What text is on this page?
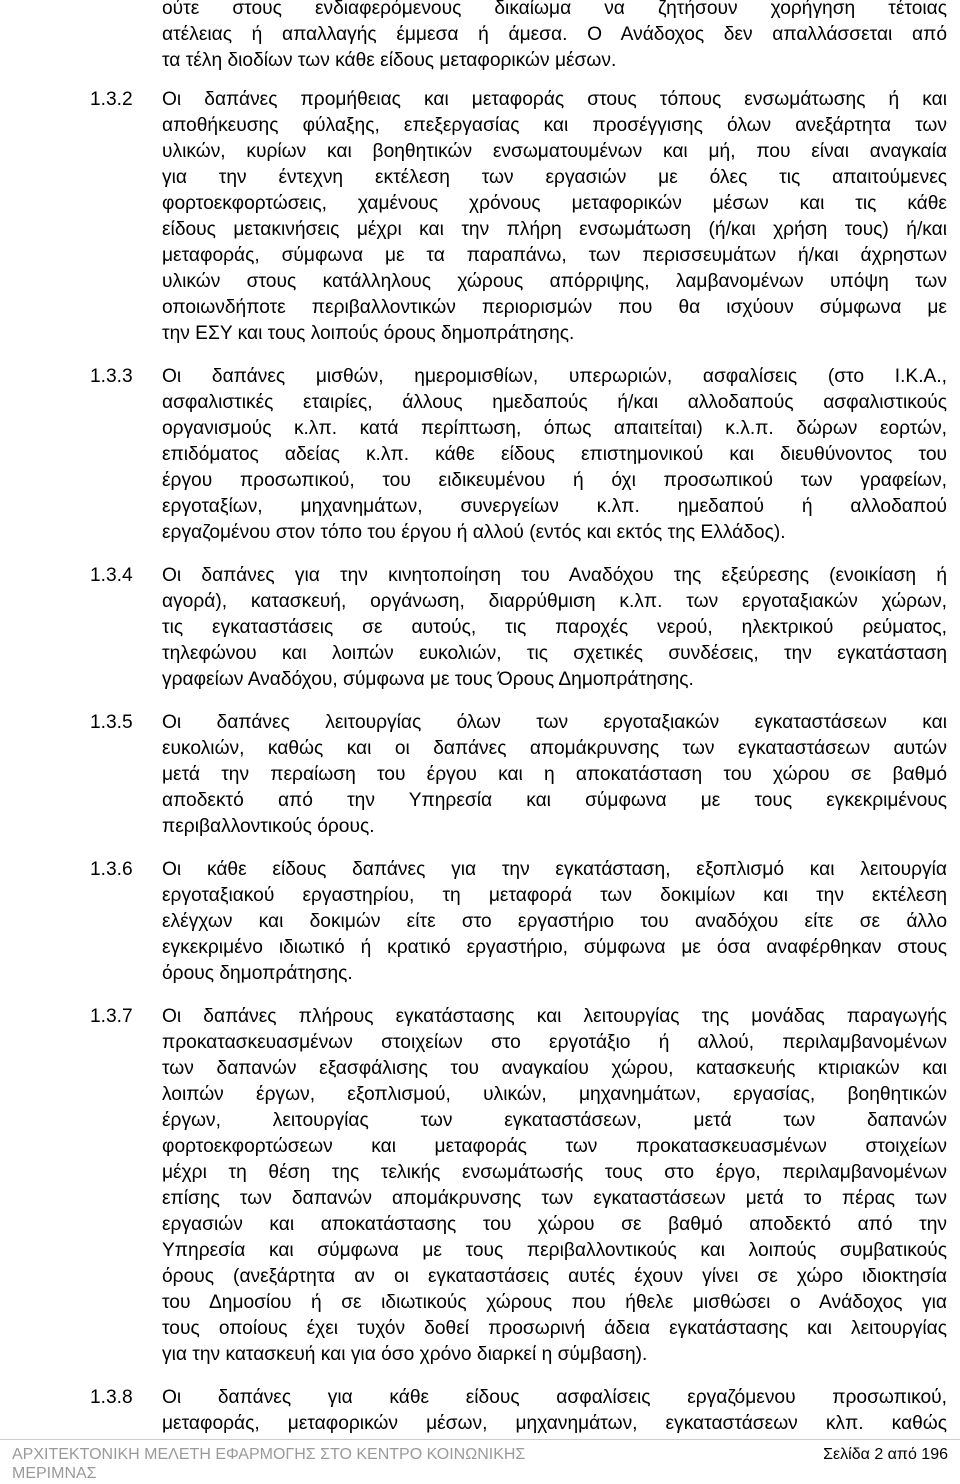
ούτε στους ενδιαφερόμενους δικαίωμα να ζητήσουν χορήγηση τέτοιας
ατέλειας ή απαλλαγής έμμεσα ή άμεσα. Ο Ανάδοχος δεν απαλλάσσεται από
τα τέλη διοδίων των κάθε είδους μεταφορικών μέσων.
1.3.2 Οι δαπάνες προμήθειας και μεταφοράς στους τόπους ενσωμάτωσης ή και
αποθήκευσης φύλαξης, επεξεργασίας και προσέγγισης όλων ανεξάρτητα των
υλικών, κυρίων και βοηθητικών ενσωματουμένων και μή, που είναι αναγκαία
για την έντεχνη εκτέλεση των εργασιών με όλες τις απαιτούμενες
φορτοεκφορτώσεις, χαμένους χρόνους μεταφορικών μέσων και τις κάθε
είδους μετακινήσεις μέχρι και την πλήρη ενσωμάτωση (ή/και χρήση τους) ή/και
μεταφοράς, σύμφωνα με τα παραπάνω, των περισσευμάτων ή/και άχρηστων
υλικών στους κατάλληλους χώρους απόρριψης, λαμβανομένων υπόψη των
οποιωνδήποτε περιβαλλοντικών περιορισμών που θα ισχύουν σύμφωνα με
την ΕΣΥ και τους λοιπούς όρους δημοπράτησης.
1.3.3 Οι δαπάνες μισθών, ημερομισθίων, υπερωριών, ασφαλίσεις (στο Ι.Κ.Α.,
ασφαλιστικές εταιρίες, άλλους ημεδαπούς ή/και αλλοδαπούς ασφαλιστικούς
οργανισμούς κ.λπ. κατά περίπτωση, όπως απαιτείται) κ.λ.π. δώρων εορτών,
επιδόματος αδείας κ.λπ. κάθε είδους επιστημονικού και διευθύνοντος του
έργου προσωπικού, του ειδικευμένου ή όχι προσωπικού των γραφείων,
εργοταξίων, μηχανημάτων, συνεργείων κ.λπ. ημεδαπού ή αλλοδαπού
εργαζομένου στον τόπο του έργου ή αλλού (εντός και εκτός της Ελλάδος).
1.3.4 Οι δαπάνες για την κινητοποίηση του Αναδόχου της εξεύρεσης (ενοικίαση ή
αγορά), κατασκευή, οργάνωση, διαρρύθμιση κ.λπ. των εργοταξιακών χώρων,
τις εγκαταστάσεις σε αυτούς, τις παροχές νερού, ηλεκτρικού ρεύματος,
τηλεφώνου και λοιπών ευκολιών, τις σχετικές συνδέσεις, την εγκατάσταση
γραφείων Αναδόχου, σύμφωνα με τους Όρους Δημοπράτησης.
1.3.5 Οι δαπάνες λειτουργίας όλων των εργοταξιακών εγκαταστάσεων και
ευκολιών, καθώς και οι δαπάνες απομάκρυνσης των εγκαταστάσεων αυτών
μετά την περαίωση του έργου και η αποκατάσταση του χώρου σε βαθμό
αποδεκτό από την Υπηρεσία και σύμφωνα με τους εγκεκριμένους
περιβαλλοντικούς όρους.
1.3.6 Οι κάθε είδους δαπάνες για την εγκατάσταση, εξοπλισμό και λειτουργία
εργοταξιακού εργαστηρίου, τη μεταφορά των δοκιμίων και την εκτέλεση
ελέγχων και δοκιμών είτε στο εργαστήριο του αναδόχου είτε σε άλλο
εγκεκριμένο ιδιωτικό ή κρατικό εργαστήριο, σύμφωνα με όσα αναφέρθηκαν στους
όρους δημοπράτησης.
1.3.7 Οι δαπάνες πλήρους εγκατάστασης και λειτουργίας της μονάδας παραγωγής
προκατασκευασμένων στοιχείων στο εργοτάξιο ή αλλού, περιλαμβανομένων
των δαπανών εξασφάλισης του αναγκαίου χώρου, κατασκευής κτιριακών και
λοιπών έργων, εξοπλισμού, υλικών, μηχανημάτων, εργασίας, βοηθητικών
έργων, λειτουργίας των εγκαταστάσεων, μετά των δαπανών
φορτοεκφορτώσεων και μεταφοράς των προκατασκευασμένων στοιχείων
μέχρι τη θέση της τελικής ενσωμάτωσής τους στο έργο, περιλαμβανομένων
επίσης των δαπανών απομάκρυνσης των εγκαταστάσεων μετά το πέρας των
εργασιών και αποκατάστασης του χώρου σε βαθμό αποδεκτό από την
Υπηρεσία και σύμφωνα με τους περιβαλλοντικούς και λοιπούς συμβατικούς
όρους (ανεξάρτητα αν οι εγκαταστάσεις αυτές έχουν γίνει σε χώρο ιδιοκτησία
του Δημοσίου ή σε ιδιωτικούς χώρους που ήθελε μισθώσει ο Ανάδοχος για
τους οποίους έχει τυχόν δοθεί προσωρινή άδεια εγκατάστασης και λειτουργίας
για την κατασκευή και για όσο χρόνο διαρκεί η σύμβαση).
1.3.8 Οι δαπάνες για κάθε είδους ασφαλίσεις εργαζόμενου προσωπικού,
μεταφοράς, μεταφορικών μέσων, μηχανημάτων, εγκαταστάσεων κλπ. καθώς
ΑΡΧΙΤΕΚΤΟΝΙΚΗ ΜΕΛΕΤΗ ΕΦΑΡΜΟΓΗΣ ΣΤΟ ΚΕΝΤΡΟ ΚΟΙΝΩΝΙΚΗΣ ΜΕΡΙΜΝΑΣ
Σελίδα 2 από 196
